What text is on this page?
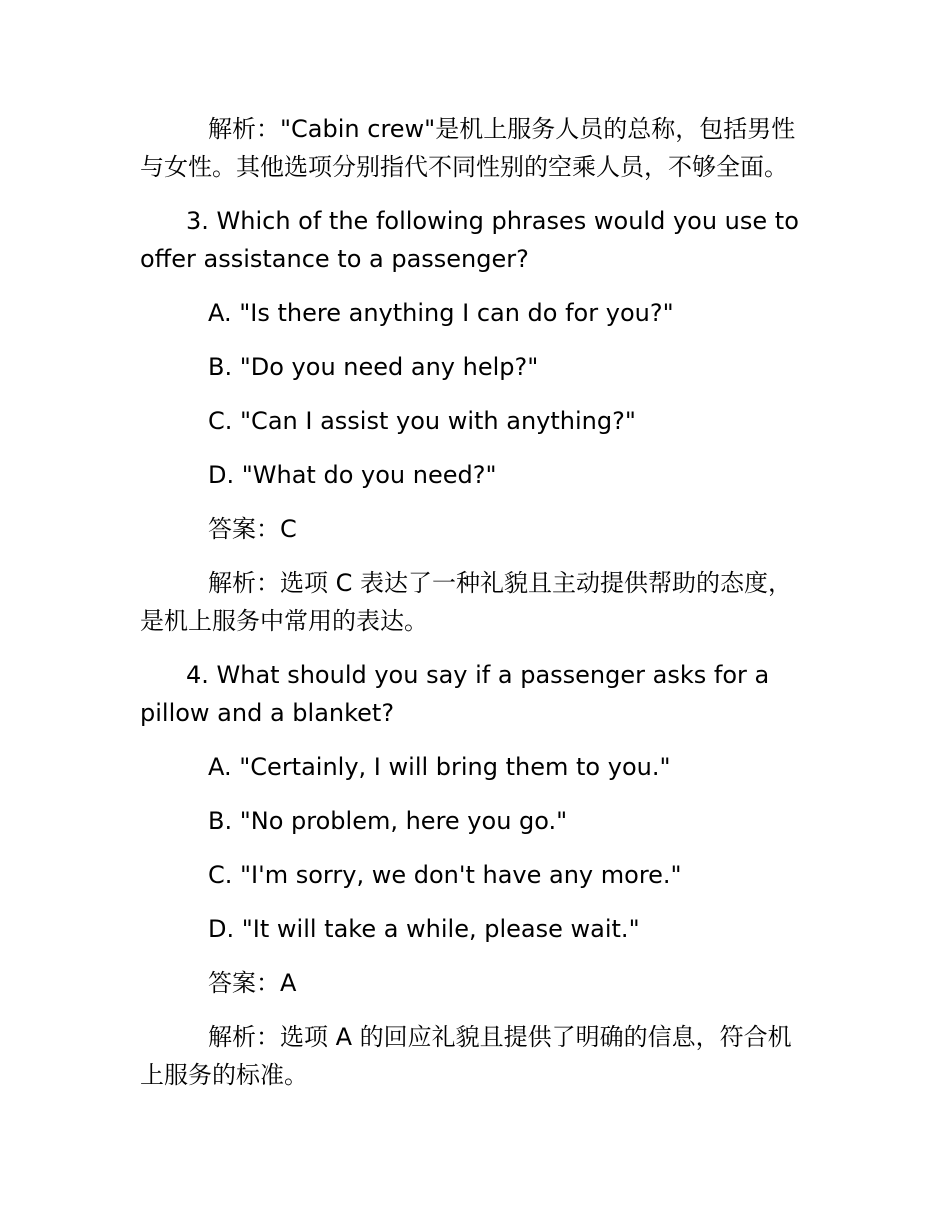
解析："Cabin crew"是机上服务人员的总称，包括男性与女性。其他选项分别指代不同性别的空乘人员，不够全面。

3. Which of the following phrases would you use to offer assistance to a passenger?

A. "Is there anything I can do for you?"

B. "Do you need any help?"

C. "Can I assist you with anything?"

D. "What do you need?"

答案：C

解析：选项 C 表达了一种礼貌且主动提供帮助的态度，是机上服务中常用的表达。

4. What should you say if a passenger asks for a pillow and a blanket?

A. "Certainly, I will bring them to you."

B. "No problem, here you go."

C. "I'm sorry, we don't have any more."

D. "It will take a while, please wait."

答案：A

解析：选项 A 的回应礼貌且提供了明确的信息，符合机上服务的标准。
